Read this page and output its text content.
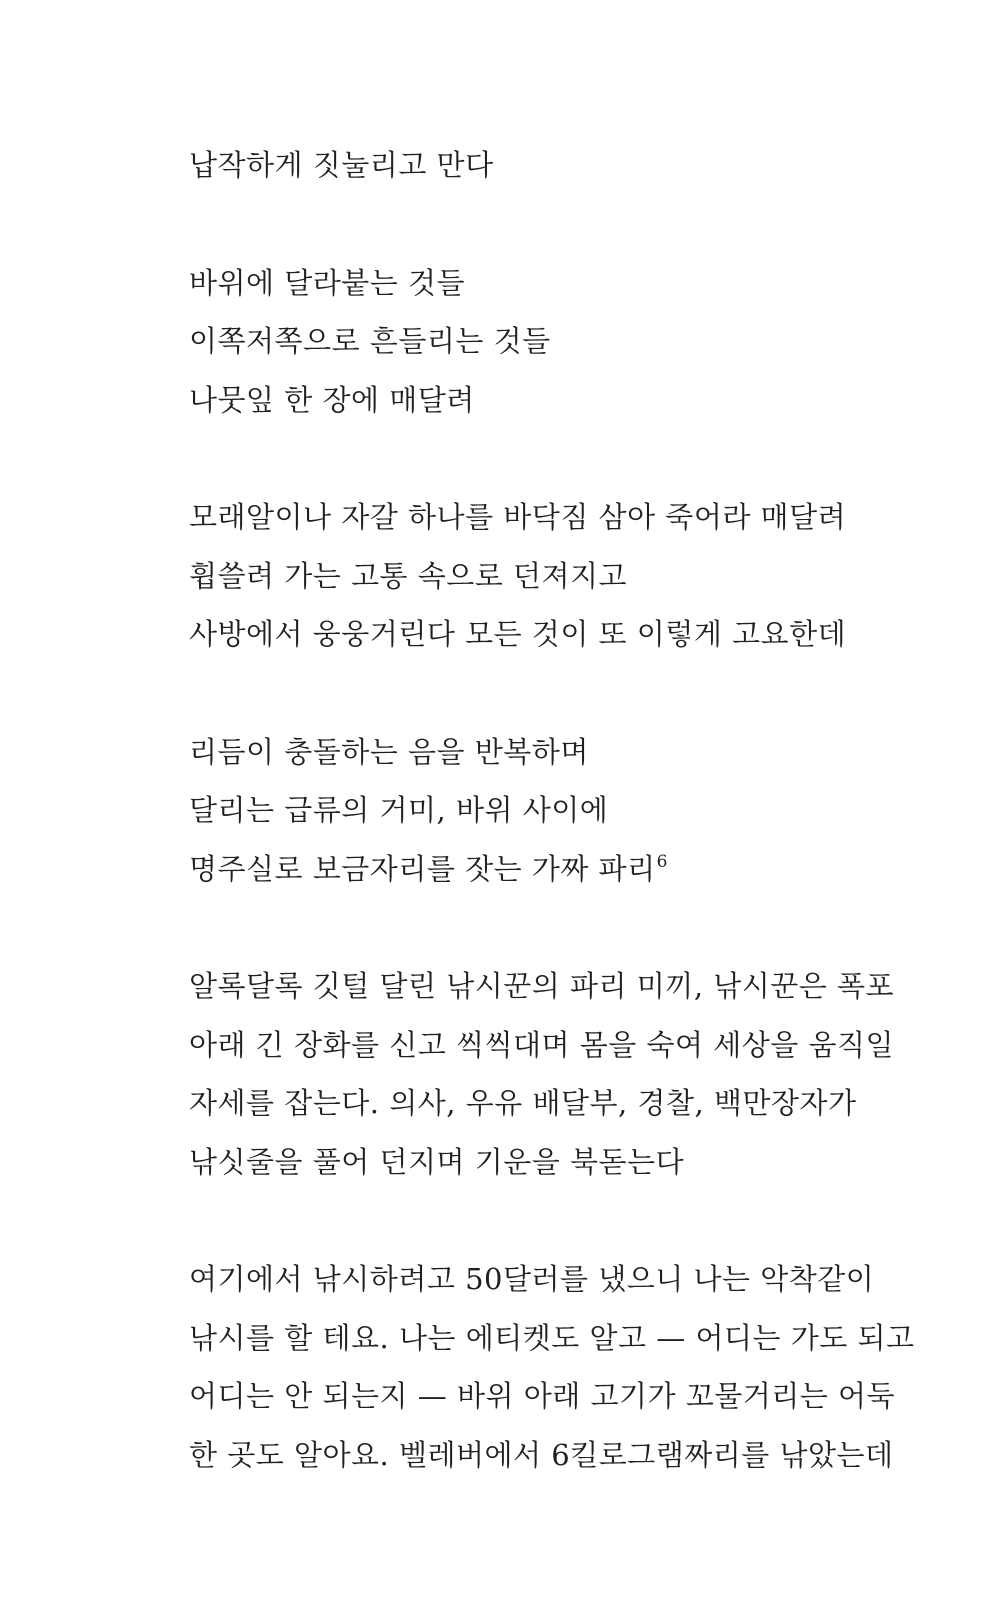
납작하게 짓눌리고 만다
바위에 달라붙는 것들
이쪽저쪽으로 흔들리는 것들
나뭇잎 한 장에 매달려
모래알이나 자갈 하나를 바닥짐 삼아 죽어라 매달려
휩쓸려 가는 고통 속으로 던져지고
사방에서 웅웅거린다 모든 것이 또 이렇게 고요한데
리듬이 충돌하는 음을 반복하며
달리는 급류의 거미, 바위 사이에
명주실로 보금자리를 잣는 가짜 파리$^6$
알록달록 깃털 달린 낚시꾼의 파리 미끼, 낚시꾼은 폭포
아래 긴 장화를 신고 씩씩대며 몸을 숙여 세상을 움직일
자세를 잡는다. 의사, 우유 배달부, 경찰, 백만장자가
낚싯줄을 풀어 던지며 기운을 북돋는다
여기에서 낚시하려고 50달러를 냈으니 나는 악착같이
낚시를 할 테요. 나는 에티켓도 알고 — 어디는 가도 되고
어디는 안 되는지 — 바위 아래 고기가 꼬물거리는 어둑
한 곳도 알아요. 벨레버에서 6킬로그램짜리를 낚았는데
